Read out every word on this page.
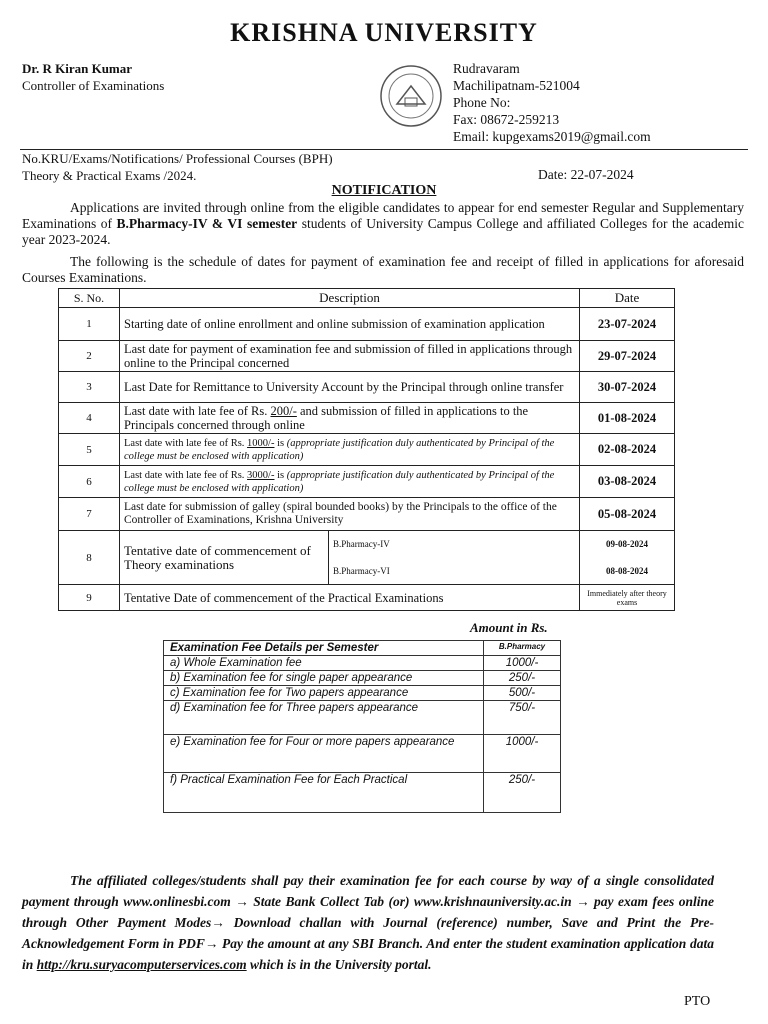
KRISHNA UNIVERSITY
Dr. R Kiran Kumar
Controller of Examinations
Rudravaram
Machilipatnam-521004
Phone No:
Fax: 08672-259213
Email: kupgexams2019@gmail.com
No.KRU/Exams/Notifications/ Professional Courses (BPH)
Theory & Practical Exams /2024.	Date: 22-07-2024
NOTIFICATION
Applications are invited through online from the eligible candidates to appear for end semester Regular and Supplementary Examinations of B.Pharmacy-IV & VI semester students of University Campus College and affiliated Colleges for the academic year 2023-2024.
The following is the schedule of dates for payment of examination fee and receipt of filled in applications for aforesaid Courses Examinations.
S. No.	Description		Date
1	Starting date of online enrollment and online submission of examination application		23-07-2024
2	Last date for payment of examination fee and submission of filled in applications through online to the Principal concerned		29-07-2024
3	Last Date for Remittance to University Account by the Principal through online transfer		30-07-2024
4	Last date with late fee of Rs. 200/- and submission of filled in applications to the Principals concerned through online		01-08-2024
5	Last date with late fee of Rs. 1000/- is (appropriate justification duly authenticated by Principal of the college must be enclosed with application)		02-08-2024
6	Last date with late fee of Rs. 3000/- is (appropriate justification duly authenticated by Principal of the college must be enclosed with application)		03-08-2024
7	Last date for submission of galley (spiral bounded books) by the Principals to the office of the Controller of Examinations, Krishna University		05-08-2024
8	Tentative date of commencement of Theory examinations	B.Pharmacy-IV	09-08-2024
		B.Pharmacy-VI	08-08-2024
9	Tentative Date of commencement of the Practical Examinations		Immediately after theory exams
Amount in Rs.
Examination Fee Details per Semester	B.Pharmacy
a) Whole Examination fee	1000/-
b) Examination fee for single paper appearance	250/-
c) Examination fee for Two papers appearance	500/-
d) Examination fee for Three papers appearance	750/-
e) Examination fee for Four or more papers appearance	1000/-
f) Practical Examination Fee for Each Practical	250/-
The affiliated colleges/students shall pay their examination fee for each course by way of a single consolidated payment through www.onlinesbi.com → State Bank Collect Tab (or) www.krishnauniversity.ac.in → pay exam fees online through Other Payment Modes→ Download challan with Journal (reference) number, Save and Print the Pre-Acknowledgement Form in PDF→ Pay the amount at any SBI Branch. And enter the student examination application data in http://kru.suryacomputerservices.com which is in the University portal.
PTO
